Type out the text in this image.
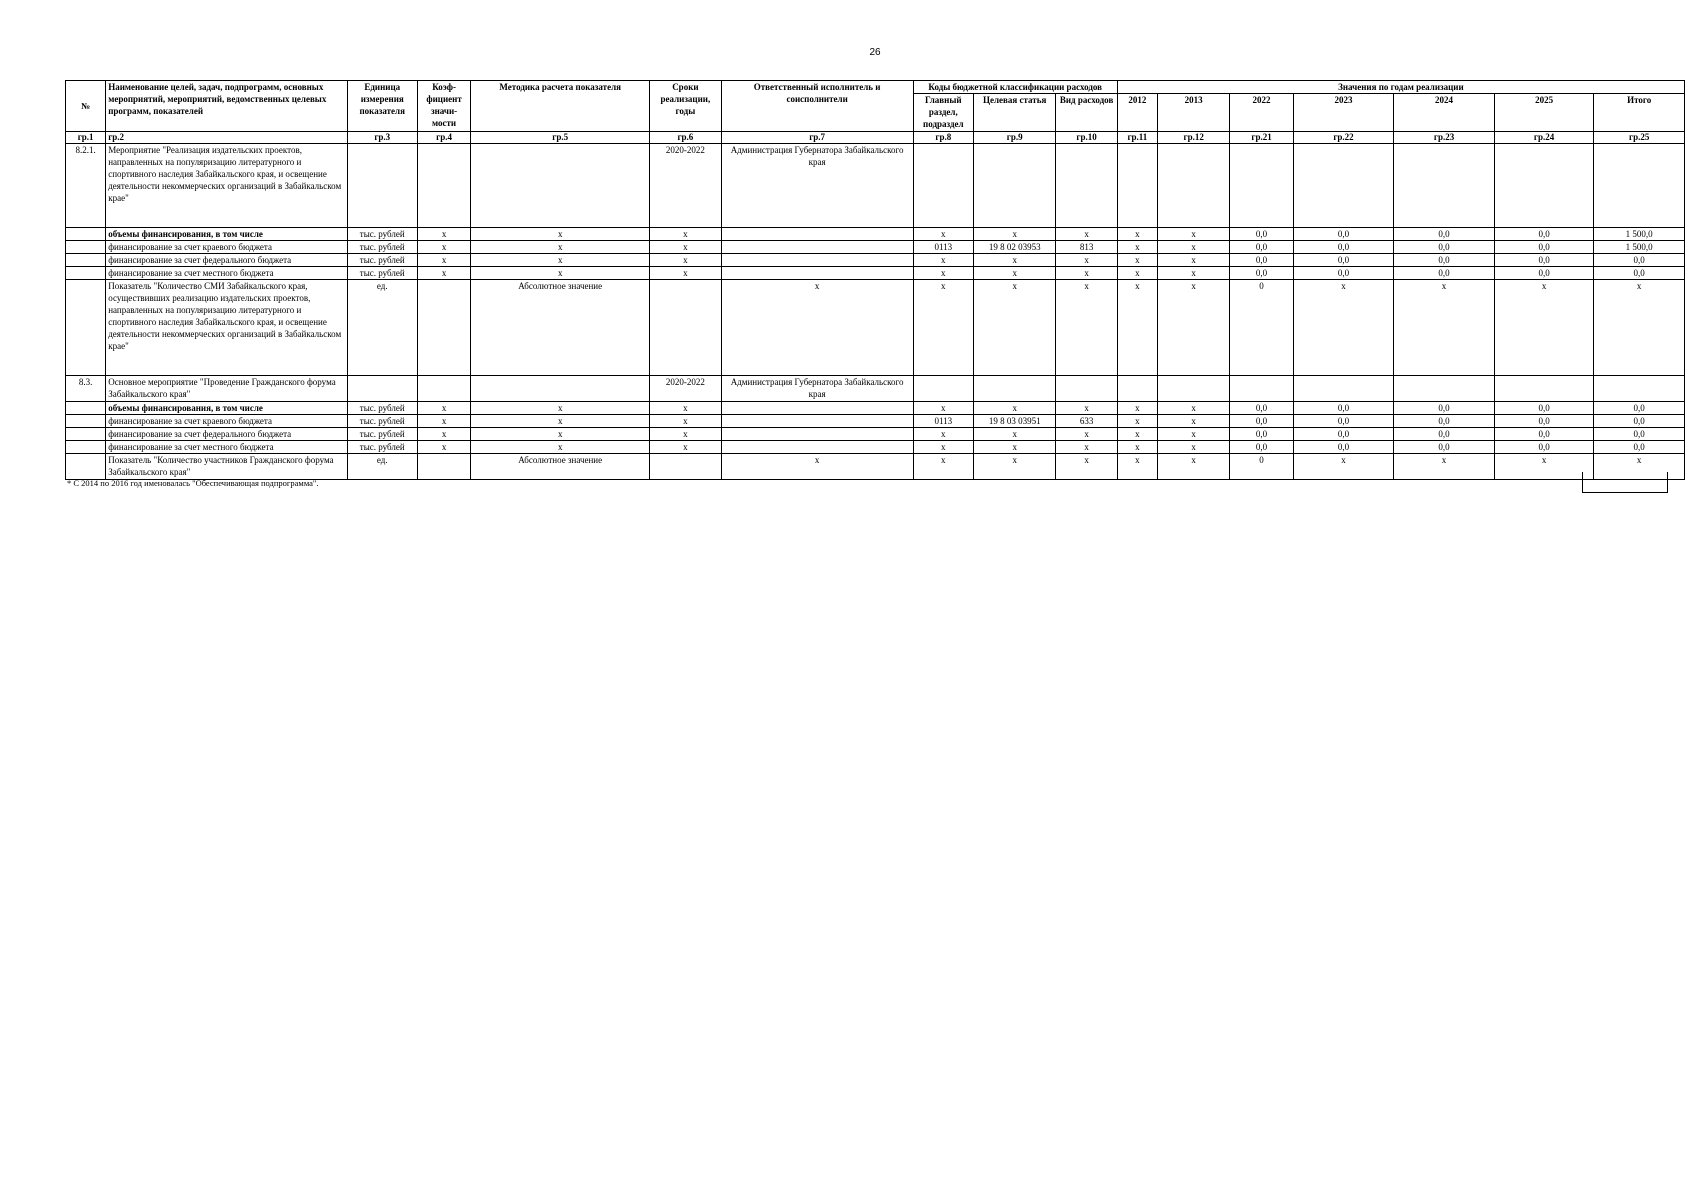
26
№	Наименование целей, задач, подпрограмм, основных мероприятий, мероприятий, ведомственных целевых программ, показателей	Единица измерения показателя	Коэф-фициент значи-мости	Методика расчета показателя	Сроки реализации, годы	Ответственный исполнитель и соисполнители	Коды бюджетной классификации расходов			Значения по годам реализации						
							Главный раздел, подраздел	Целевая статья	Вид расходов	2012	2013	2022	2023	2024	2025	Итого
гр.1	гр.2	гр.3	гр.4	гр.5	гр.6	гр.7	гр.8	гр.9	гр.10	гр.11	гр.12	гр.21	гр.22	гр.23	гр.24	гр.25
8.2.1.	Мероприятие "Реализация издательских проектов, направленных на популяризацию литературного и спортивного наследия Забайкальского края, и освещение деятельности некоммерческих организаций в Забайкальском крае"				2020-2022	Администрация Губернатора Забайкальского края										
	объемы финансирования, в том числе	тыс. рублей	х	х	х		х	х	х	х	х	0,0	0,0	0,0	0,0	1 500,0
	финансирование за счет краевого бюджета	тыс. рублей	х	х	х		0113	19 8 02 03953	813	х	х	0,0	0,0	0,0	0,0	1 500,0
	финансирование за счет федерального бюджета	тыс. рублей	х	х	х		х	х	х	х	х	0,0	0,0	0,0	0,0	0,0
	финансирование за счет местного бюджета	тыс. рублей	х	х	х		х	х	х	х	х	0,0	0,0	0,0	0,0	0,0
	Показатель "Количество СМИ Забайкальского края, осуществивших реализацию издательских проектов, направленных на популяризацию литературного и спортивного наследия Забайкальского края, и освещение деятельности некоммерческих организаций в Забайкальском крае"	ед.		Абсолютное значение		х	х	х	х	х	х	0	х	х	х	х
8.3.	Основное мероприятие "Проведение Гражданского форума Забайкальского края"				2020-2022	Администрация Губернатора Забайкальского края										
	объемы финансирования, в том числе	тыс. рублей	х	х	х		х	х	х	х	х	0,0	0,0	0,0	0,0	0,0
	финансирование за счет краевого бюджета	тыс. рублей	х	х	х		0113	19 8 03 03951	633	х	х	0,0	0,0	0,0	0,0	0,0
	финансирование за счет федерального бюджета	тыс. рублей	х	х	х		х	х	х	х	х	0,0	0,0	0,0	0,0	0,0
	финансирование за счет местного бюджета	тыс. рублей	х	х	х		х	х	х	х	х	0,0	0,0	0,0	0,0	0,0
	Показатель "Количество участников Гражданского форума Забайкальского края"	ед.		Абсолютное значение		х	х	х	х	х	х	0	х	х	х	х
* С 2014 по 2016 год именовалась "Обеспечивающая подпрограмма".
